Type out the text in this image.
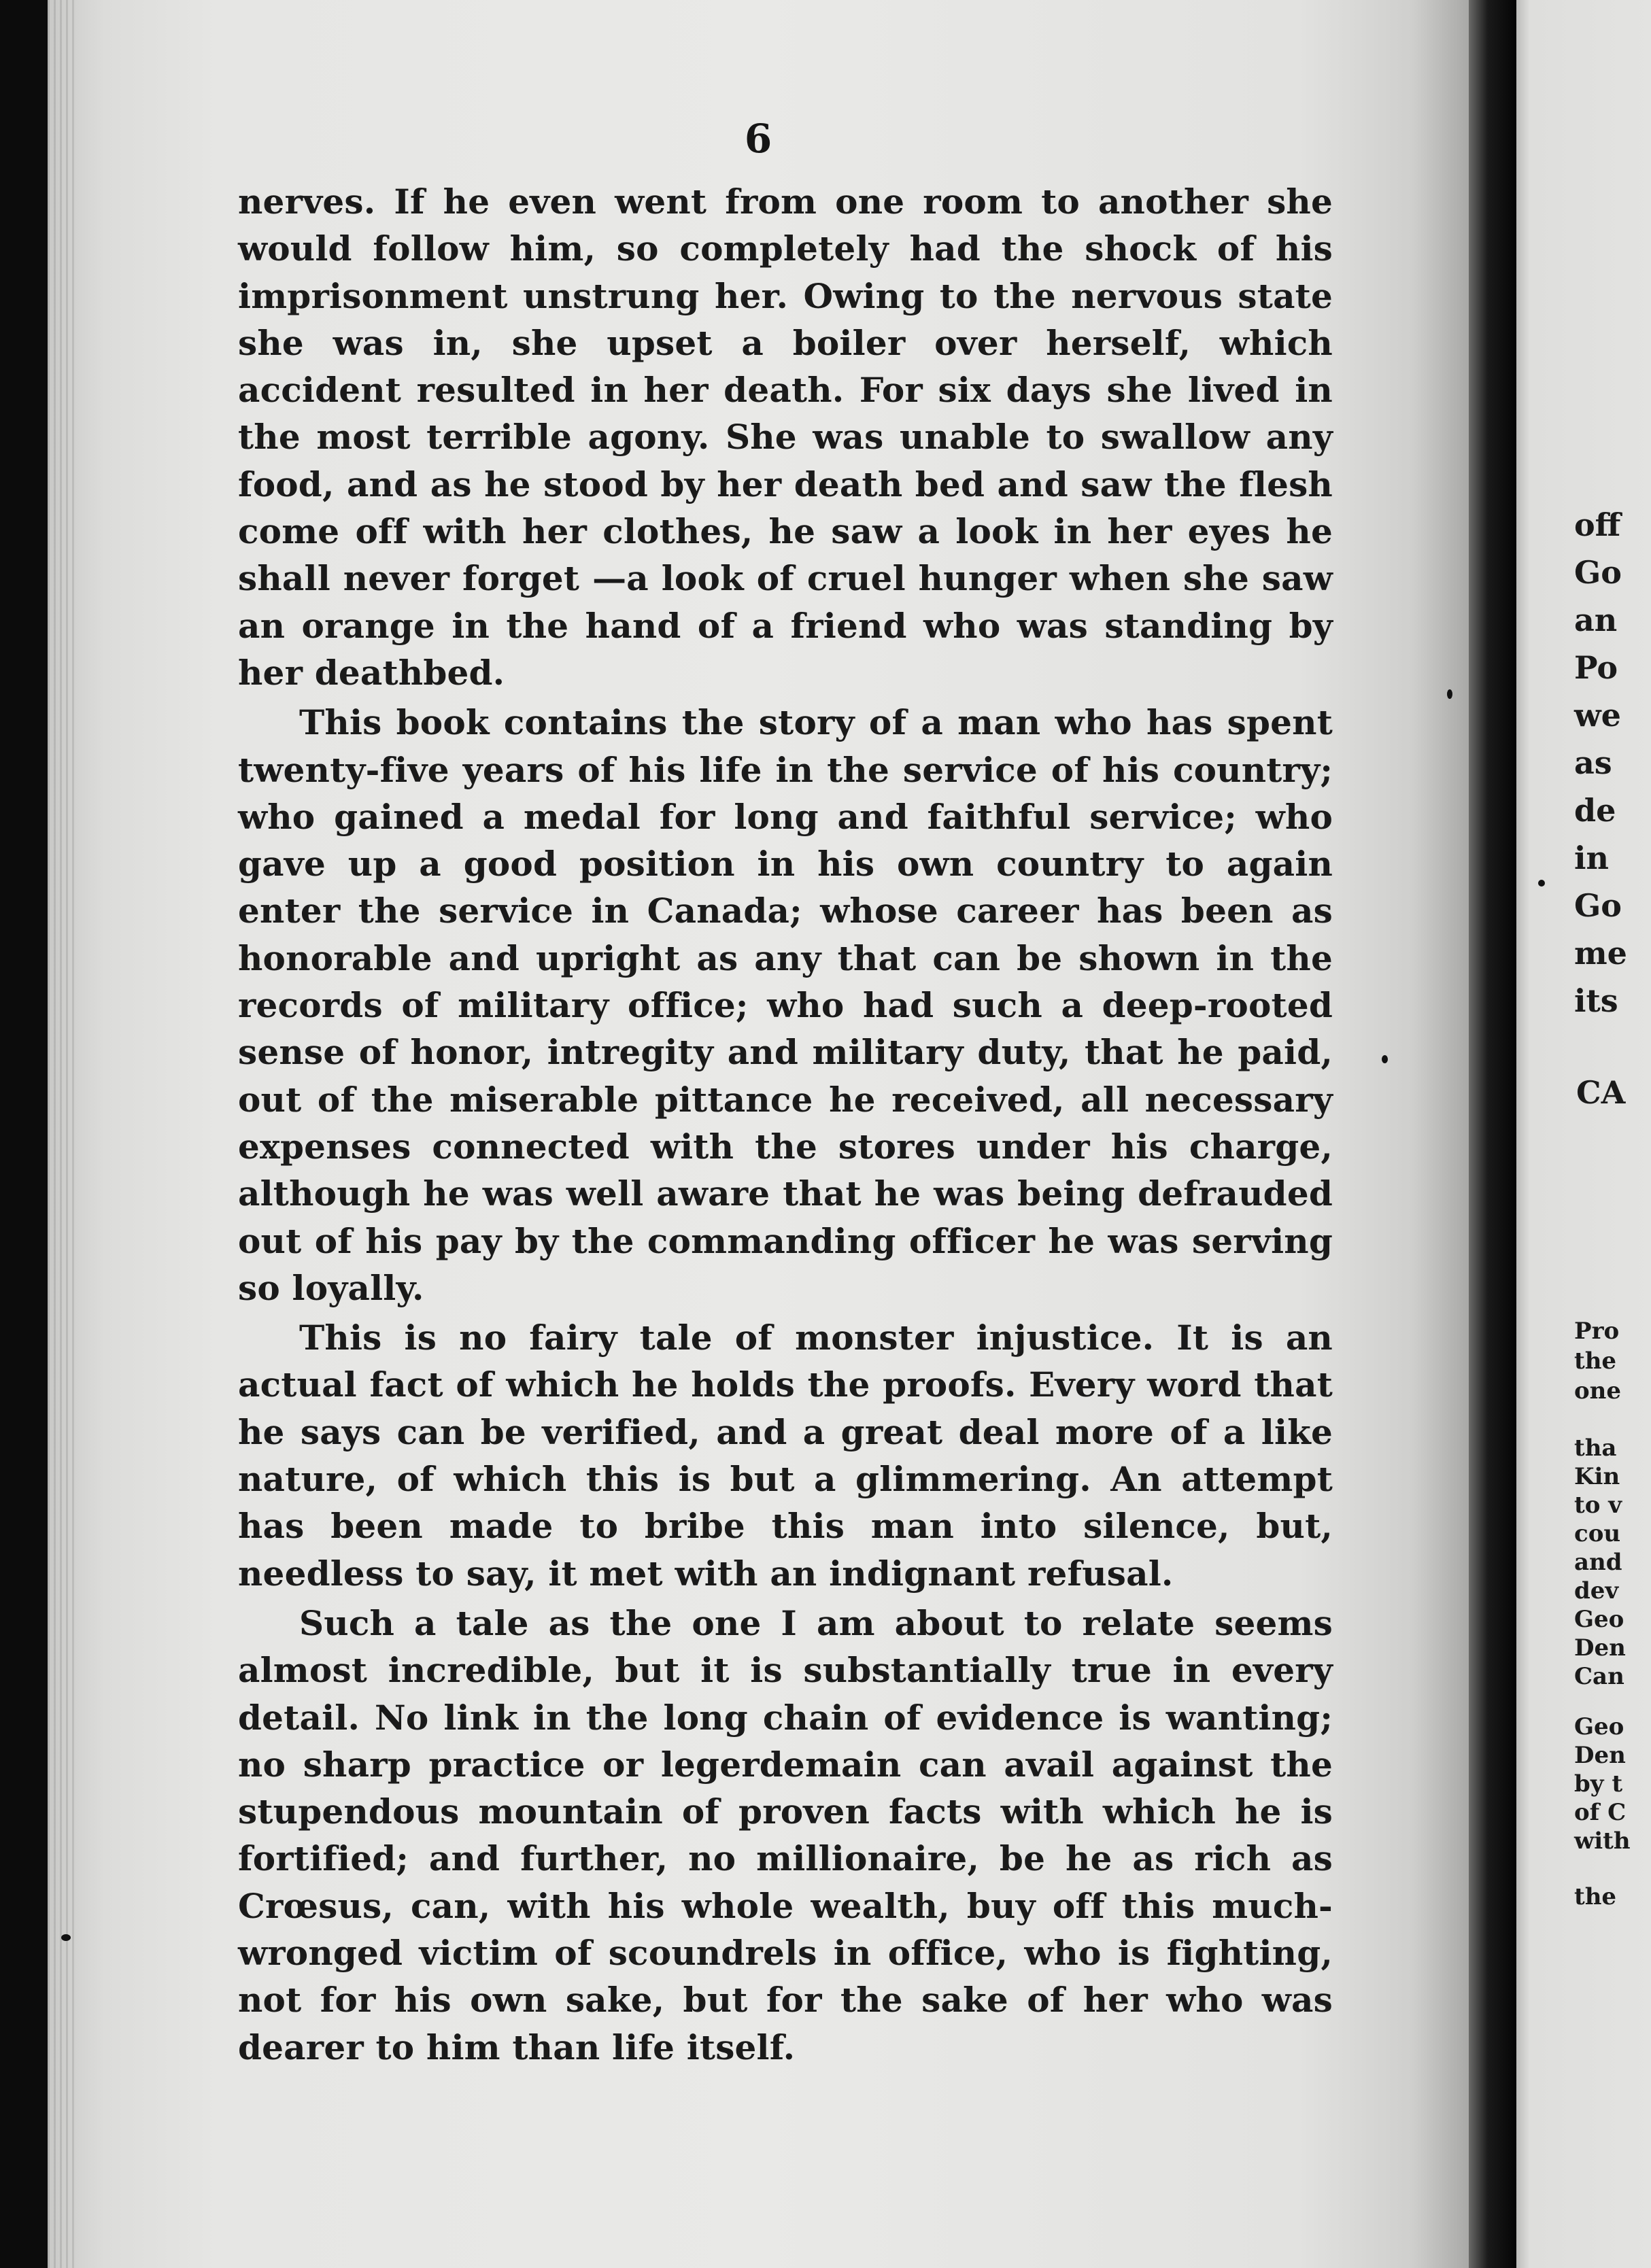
6

nerves. If he even went from one room to another she would follow him, so completely had the shock of his imprisonment unstrung her. Owing to the nervous state she was in, she upset a boiler over herself, which accident resulted in her death. For six days she lived in the most terrible agony. She was unable to swallow any food, and as he stood by her death bed and saw the flesh come off with her clothes, he saw a look in her eyes he shall never forget —a look of cruel hunger when she saw an orange in the hand of a friend who was standing by her deathbed.

This book contains the story of a man who has spent twenty-five years of his life in the service of his country; who gained a medal for long and faithful service; who gave up a good position in his own country to again enter the service in Canada; whose career has been as honorable and upright as any that can be shown in the records of military office; who had such a deep-rooted sense of honor, intregity and military duty, that he paid, out of the miserable pittance he received, all necessary expenses connected with the stores under his charge, although he was well aware that he was being defrauded out of his pay by the commanding officer he was serving so loyally.

This is no fairy tale of monster injustice. It is an actual fact of which he holds the proofs. Every word that he says can be verified, and a great deal more of a like nature, of which this is but a glimmering. An attempt has been made to bribe this man into silence, but, needless to say, it met with an indignant refusal.

Such a tale as the one I am about to relate seems almost incredible, but it is substantially true in every detail. No link in the long chain of evidence is wanting; no sharp practice or legerdemain can avail against the stupendous mountain of proven facts with which he is fortified; and further, no millionaire, be he as rich as Crœsus, can, with his whole wealth, buy off this much-wronged victim of scoundrels in office, who is fighting, not for his own sake, but for the sake of her who was dearer to him than life itself.

off
Go
an
Po
we
as
de
in
Go
me
its
CA
Pro
the
one
tha
Kin
to v
cou
and
dev
Geo
Den
Can
Geo
Den
by t
of C
with
the
